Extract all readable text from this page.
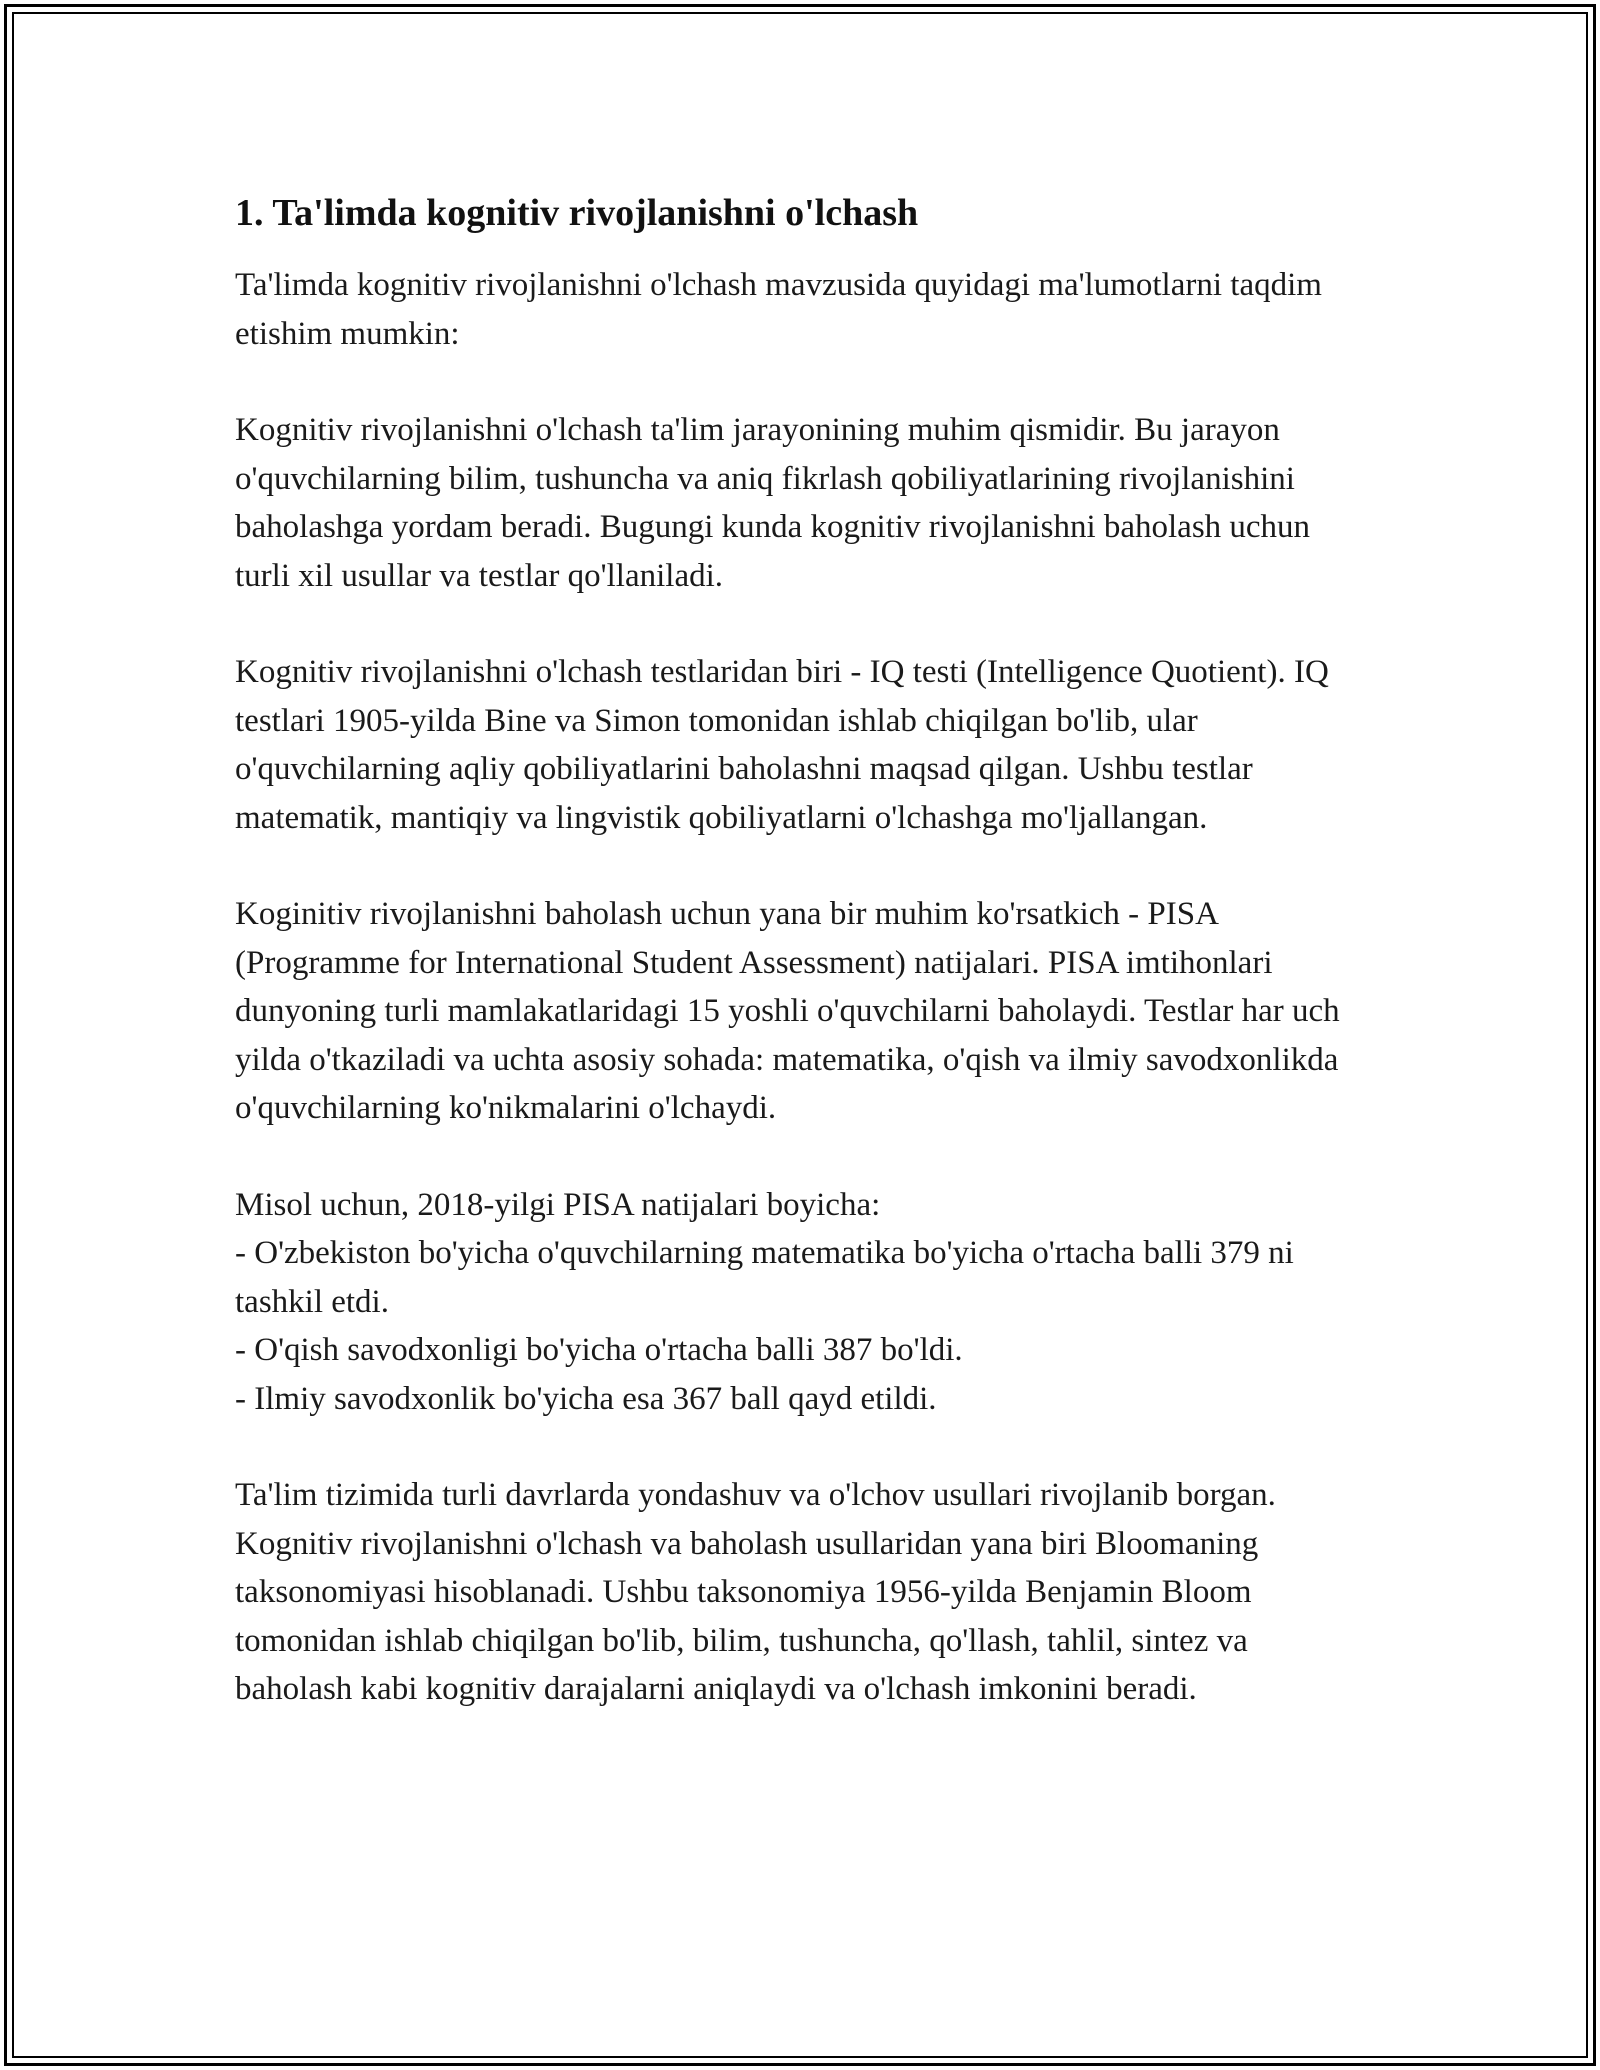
1. Ta'limda kognitiv rivojlanishni o'lchash

Ta'limda kognitiv rivojlanishni o'lchash mavzusida quyidagi ma'lumotlarni taqdim etishim mumkin:

Kognitiv rivojlanishni o'lchash ta'lim jarayonining muhim qismidir. Bu jarayon o'quvchilarning bilim, tushuncha va aniq fikrlash qobiliyatlarining rivojlanishini baholashga yordam beradi. Bugungi kunda kognitiv rivojlanishni baholash uchun turli xil usullar va testlar qo'llaniladi.

Kognitiv rivojlanishni o'lchash testlaridan biri - IQ testi (Intelligence Quotient). IQ testlari 1905-yilda Bine va Simon tomonidan ishlab chiqilgan bo'lib, ular o'quvchilarning aqliy qobiliyatlarini baholashni maqsad qilgan. Ushbu testlar matematik, mantiqiy va lingvistik qobiliyatlarni o'lchashga mo'ljallangan.

Koginitiv rivojlanishni baholash uchun yana bir muhim ko'rsatkich - PISA (Programme for International Student Assessment) natijalari. PISA imtihonlari dunyoning turli mamlakatlaridagi 15 yoshli o'quvchilarni baholaydi. Testlar har uch yilda o'tkaziladi va uchta asosiy sohada: matematika, o'qish va ilmiy savodxonlikda o'quvchilarning ko'nikmalarini o'lchaydi.

Misol uchun, 2018-yilgi PISA natijalari boyicha:
- O'zbekiston bo'yicha o'quvchilarning matematika bo'yicha o'rtacha balli 379 ni tashkil etdi.
- O'qish savodxonligi bo'yicha o'rtacha balli 387 bo'ldi.
- Ilmiy savodxonlik bo'yicha esa 367 ball qayd etildi.

Ta'lim tizimida turli davrlarda yondashuv va o'lchov usullari rivojlanib borgan. Kognitiv rivojlanishni o'lchash va baholash usullaridan yana biri Bloomaning taksonomiyasi hisoblanadi. Ushbu taksonomiya 1956-yilda Benjamin Bloom tomonidan ishlab chiqilgan bo'lib, bilim, tushuncha, qo'llash, tahlil, sintez va baholash kabi kognitiv darajalarni aniqlaydi va o'lchash imkonini beradi.
